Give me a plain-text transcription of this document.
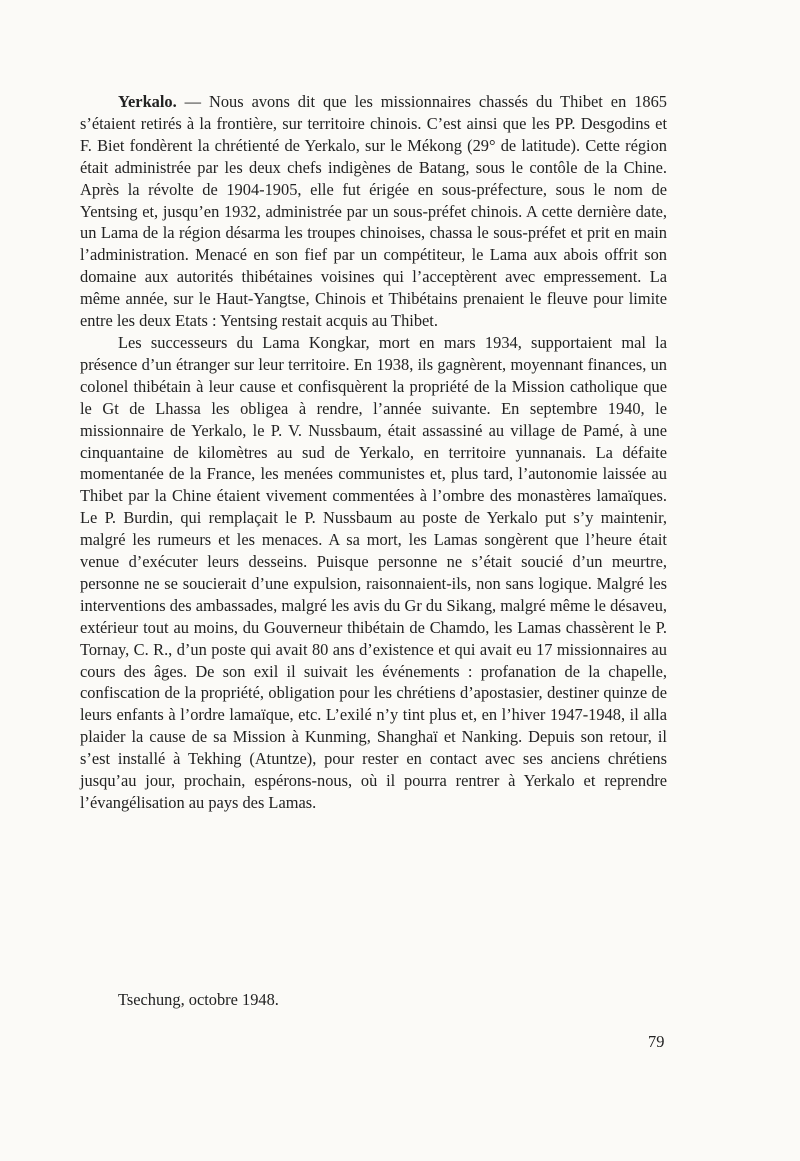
Yerkalo. — Nous avons dit que les missionnaires chassés du Thibet en 1865 s’étaient retirés à la frontière, sur territoire chinois. C’est ainsi que les PP. Desgodins et F. Biet fondèrent la chrétienté de Yerkalo, sur le Mékong (29° de latitude). Cette région était administrée par les deux chefs indigènes de Batang, sous le contôle de la Chine. Après la révolte de 1904-1905, elle fut érigée en sous-préfecture, sous le nom de Yentsing et, jusqu’en 1932, administrée par un sous-préfet chinois. A cette dernière date, un Lama de la région désarma les troupes chinoises, chassa le sous-préfet et prit en main l’administration. Menacé en son fief par un compétiteur, le Lama aux abois offrit son domaine aux autorités thibétaines voisines qui l’acceptèrent avec empressement. La même année, sur le Haut-Yangtse, Chinois et Thibétains prenaient le fleuve pour limite entre les deux Etats : Yentsing restait acquis au Thibet.

Les successeurs du Lama Kongkar, mort en mars 1934, supportaient mal la présence d’un étranger sur leur territoire. En 1938, ils gagnèrent, moyennant finances, un colonel thibétain à leur cause et confisquèrent la propriété de la Mission catholique que le Gt de Lhassa les obligea à rendre, l’année suivante. En septembre 1940, le missionnaire de Yerkalo, le P. V. Nussbaum, était assassiné au village de Pamé, à une cinquantaine de kilomètres au sud de Yerkalo, en territoire yunnanais. La défaite momentanée de la France, les menées communistes et, plus tard, l’autonomie laissée au Thibet par la Chine étaient vivement commentées à l’ombre des monastères lamaïques. Le P. Burdin, qui remplaçait le P. Nussbaum au poste de Yerkalo put s’y maintenir, malgré les rumeurs et les menaces. A sa mort, les Lamas songèrent que l’heure était venue d’exécuter leurs desseins. Puisque personne ne s’était soucié d’un meurtre, personne ne se soucierait d’une expulsion, raisonnaient-ils, non sans logique. Malgré les interventions des ambassades, malgré les avis du Gr du Sikang, malgré même le désaveu, extérieur tout au moins, du Gouverneur thibétain de Chamdo, les Lamas chassèrent le P. Tornay, C. R., d’un poste qui avait 80 ans d’existence et qui avait eu 17 missionnaires au cours des âges. De son exil il suivait les événements : profanation de la chapelle, confiscation de la propriété, obligation pour les chrétiens d’apostasier, destiner quinze de leurs enfants à l’ordre lamaïque, etc. L’exilé n’y tint plus et, en l’hiver 1947-1948, il alla plaider la cause de sa Mission à Kunming, Shanghaï et Nanking. Depuis son retour, il s’est installé à Tekhing (Atuntze), pour rester en contact avec ses anciens chrétiens jusqu’au jour, prochain, espérons-nous, où il pourra rentrer à Yerkalo et reprendre l’évangélisation au pays des Lamas.

Tsechung, octobre 1948.
79
